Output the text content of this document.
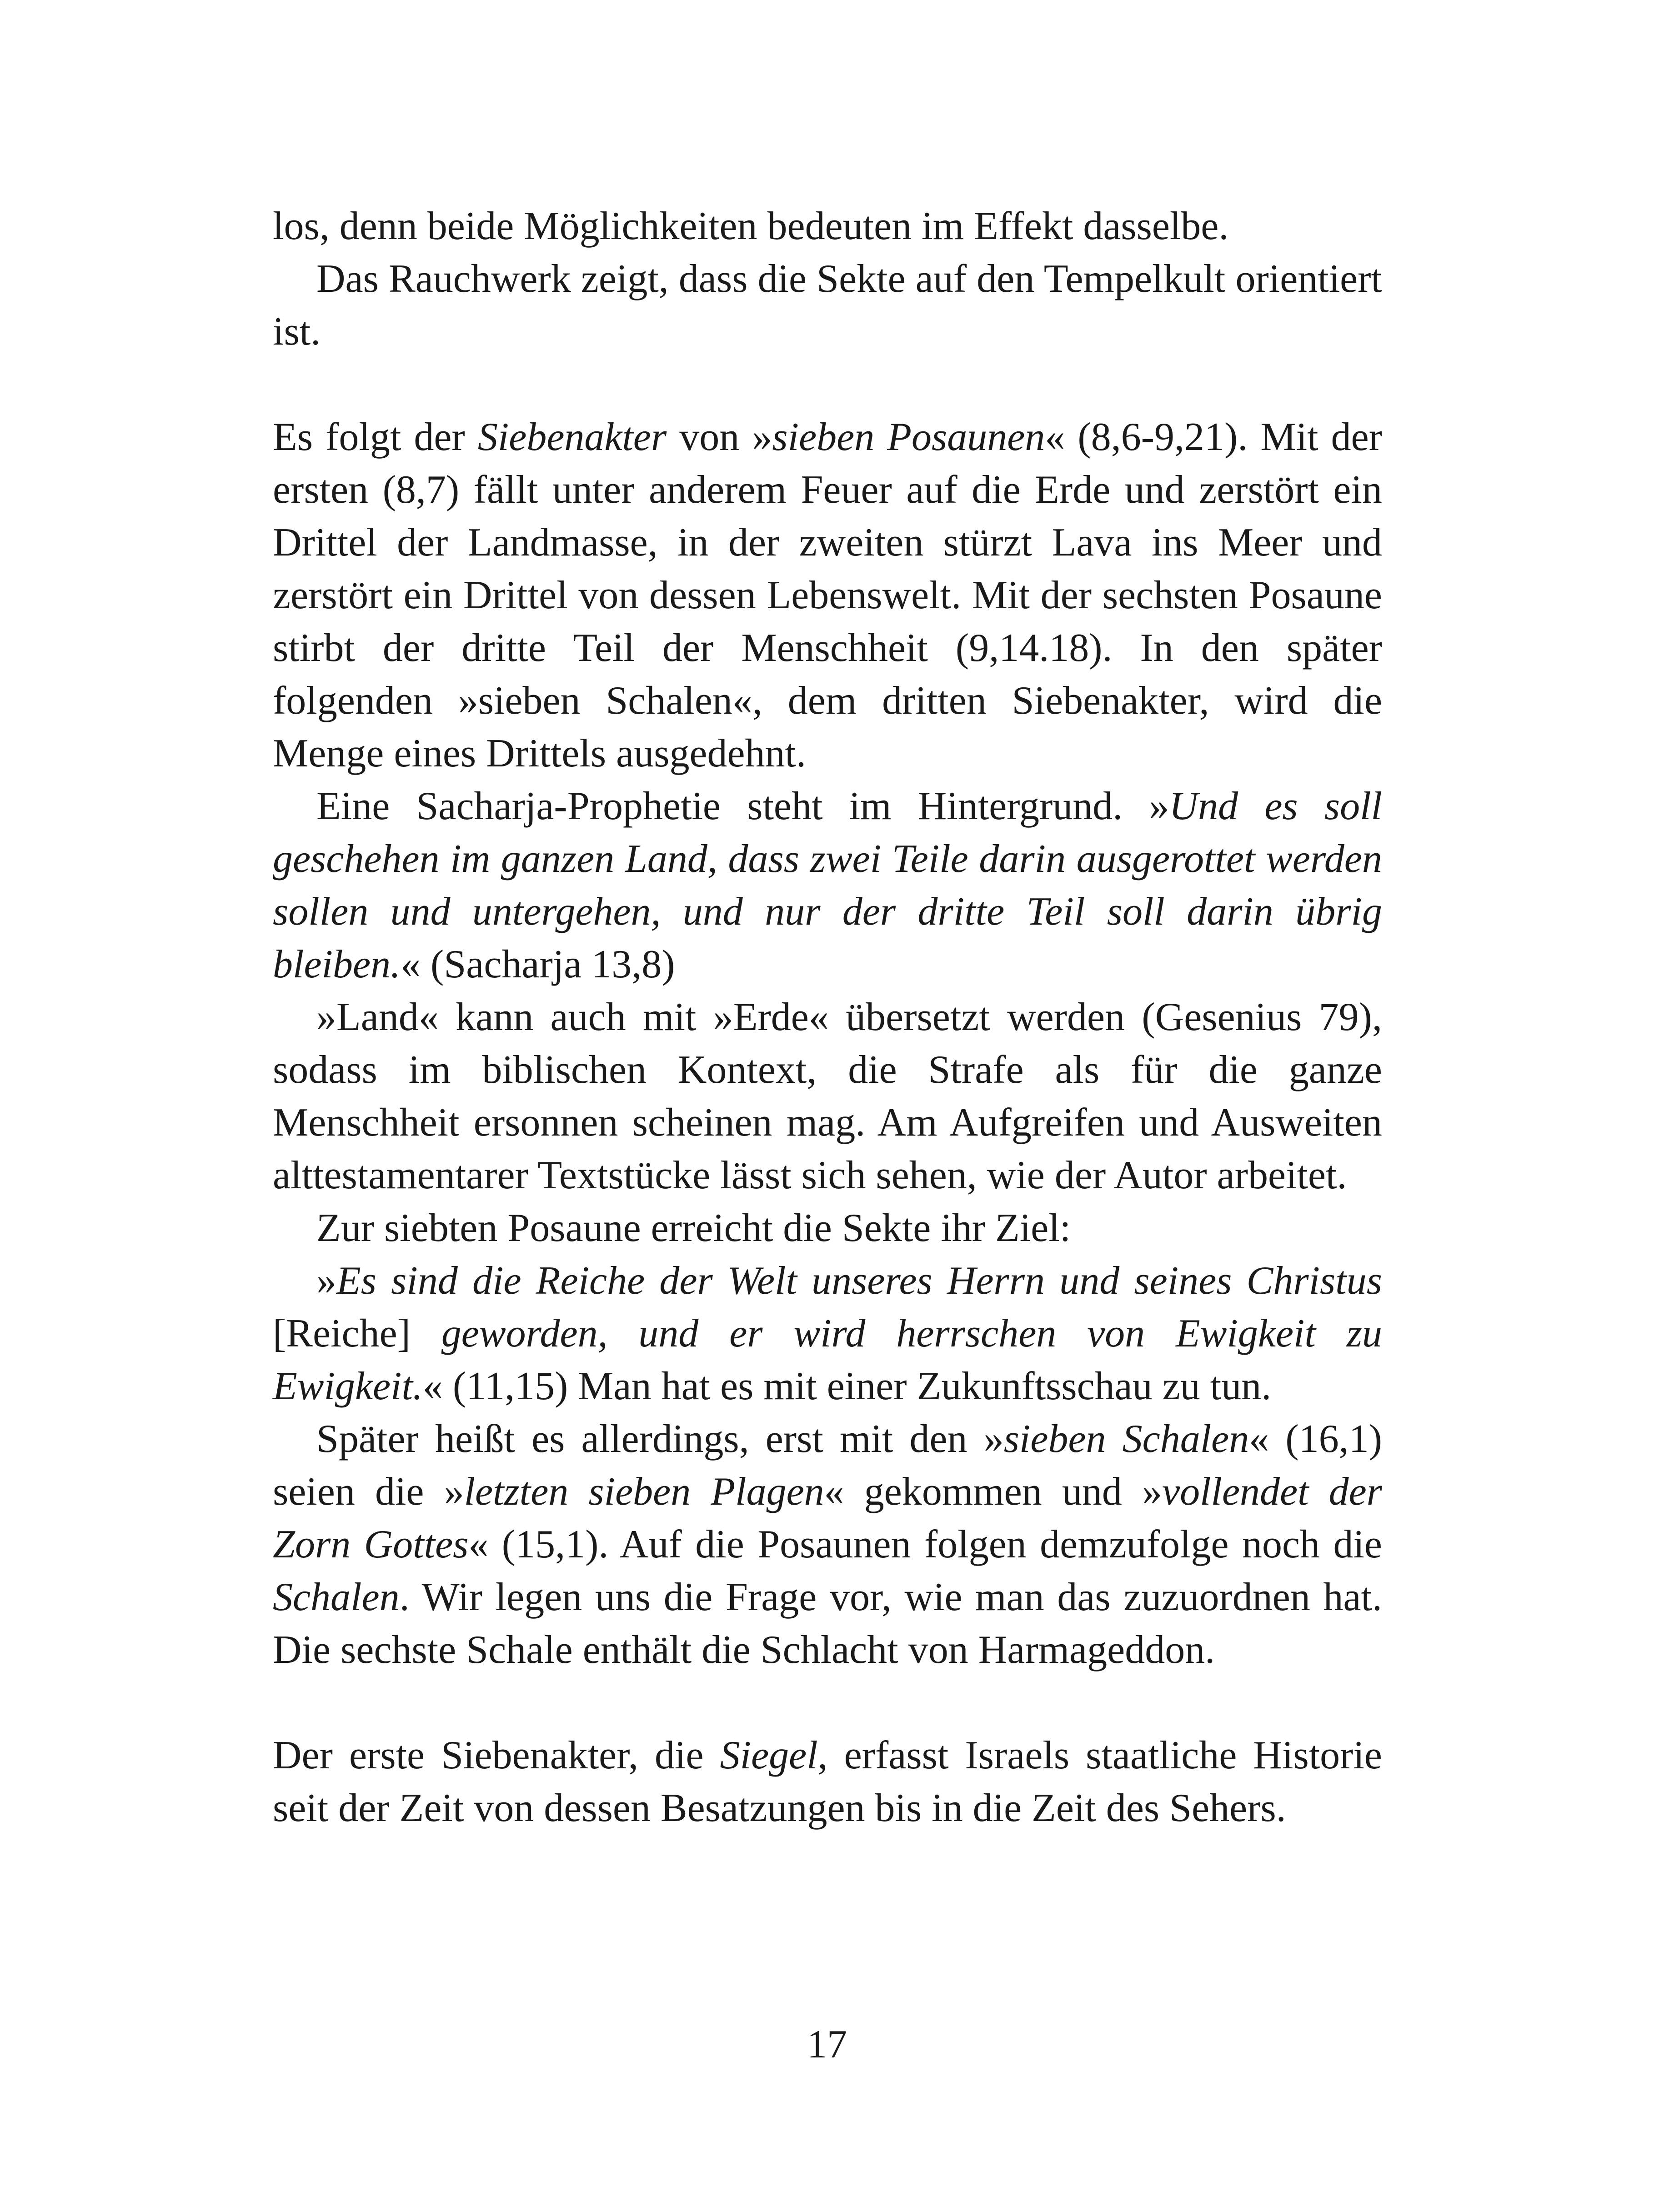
los, denn beide Möglichkeiten bedeuten im Effekt dasselbe.

Das Rauchwerk zeigt, dass die Sekte auf den Tempelkult orientiert ist.

Es folgt der Siebenakter von »sieben Posaunen« (8,6-9,21). Mit der ersten (8,7) fällt unter anderem Feuer auf die Erde und zerstört ein Drittel der Landmasse, in der zweiten stürzt Lava ins Meer und zerstört ein Drittel von dessen Lebenswelt. Mit der sechsten Posaune stirbt der dritte Teil der Menschheit (9,14.18). In den später folgenden »sieben Schalen«, dem dritten Siebenakter, wird die Menge eines Drittels ausgedehnt.

Eine Sacharja-Prophetie steht im Hintergrund. »Und es soll geschehen im ganzen Land, dass zwei Teile darin ausgerottet werden sollen und untergehen, und nur der dritte Teil soll darin übrig bleiben.« (Sacharja 13,8)

»Land« kann auch mit »Erde« übersetzt werden (Gesenius 79), sodass im biblischen Kontext, die Strafe als für die ganze Menschheit ersonnen scheinen mag. Am Aufgreifen und Ausweiten alttestamentarer Textstücke lässt sich sehen, wie der Autor arbeitet.

Zur siebten Posaune erreicht die Sekte ihr Ziel:

»Es sind die Reiche der Welt unseres Herrn und seines Christus [Reiche] geworden, und er wird herrschen von Ewigkeit zu Ewigkeit.« (11,15) Man hat es mit einer Zukunftsschau zu tun.

Später heißt es allerdings, erst mit den »sieben Schalen« (16,1) seien die »letzten sieben Plagen« gekommen und »vollendet der Zorn Gottes« (15,1). Auf die Posaunen folgen demzufolge noch die Schalen. Wir legen uns die Frage vor, wie man das zuzuordnen hat. Die sechste Schale enthält die Schlacht von Harmageddon.

Der erste Siebenakter, die Siegel, erfasst Israels staatliche Historie seit der Zeit von dessen Besatzungen bis in die Zeit des Sehers.

17
